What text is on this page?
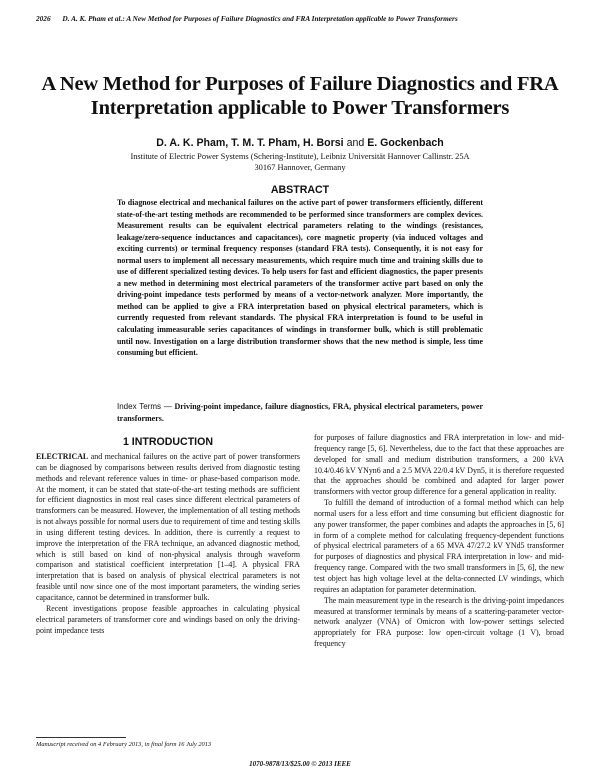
2026 D. A. K. Pham et al.: A New Method for Purposes of Failure Diagnostics and FRA Interpretation applicable to Power Transformers
A New Method for Purposes of Failure Diagnostics and FRA Interpretation applicable to Power Transformers
D. A. K. Pham, T. M. T. Pham, H. Borsi and E. Gockenbach
Institute of Electric Power Systems (Schering-Institute), Leibniz Universität Hannover Callinstr. 25A
30167 Hannover, Germany
ABSTRACT

To diagnose electrical and mechanical failures on the active part of power transformers efficiently, different state-of-the-art testing methods are recommended to be performed since transformers are complex devices. Measurement results can be equivalent electrical parameters relating to the windings (resistances, leakage/zero-sequence inductances and capacitances), core magnetic property (via induced voltages and exciting currents) or terminal frequency responses (standard FRA tests). Consequently, it is not easy for normal users to implement all necessary measurements, which require much time and training skills due to use of different specialized testing devices. To help users for fast and efficient diagnostics, the paper presents a new method in determining most electrical parameters of the transformer active part based on only the driving-point impedance tests performed by means of a vector-network analyzer. More importantly, the method can be applied to give a FRA interpretation based on physical electrical parameters, which is currently requested from relevant standards. The physical FRA interpretation is found to be useful in calculating immeasurable series capacitances of windings in transformer bulk, which is still problematic until now. Investigation on a large distribution transformer shows that the new method is simple, less time consuming but efficient.

Index Terms — Driving-point impedance, failure diagnostics, FRA, physical electrical parameters, power transformers.

1 INTRODUCTION

ELECTRICAL and mechanical failures on the active part of power transformers can be diagnosed by comparisons between results derived from diagnostic testing methods and relevant reference values in time- or phase-based comparison mode. At the moment, it can be stated that state-of-the-art testing methods are sufficient for efficient diagnostics in most real cases since different electrical parameters of transformers can be measured. However, the implementation of all testing methods is not always possible for normal users due to requirement of time and testing skills in using different testing devices. In addition, there is currently a request to improve the interpretation of the FRA technique, an advanced diagnostic method, which is still based on kind of non-physical analysis through waveform comparison and statistical coefficient interpretation [1–4]. A physical FRA interpretation that is based on analysis of physical electrical parameters is not feasible until now since one of the most important parameters, the winding series capacitance, cannot be determined in transformer bulk.

Recent investigations propose feasible approaches in calculating physical electrical parameters of transformer core and windings based on only the driving-point impedance tests

for purposes of failure diagnostics and FRA interpretation in low- and mid-frequency range [5, 6]. Nevertheless, due to the fact that these approaches are developed for small and medium distribution transformers, a 200 kVA 10.4/0.46 kV YNyn6 and a 2.5 MVA 22/0.4 kV Dyn5, it is therefore requested that the approaches should be combined and adapted for larger power transformers with vector group difference for a general application in reality.

To fulfill the demand of introduction of a formal method which can help normal users for a less effort and time consuming but efficient diagnostic for any power transformer, the paper combines and adapts the approaches in [5, 6] in form of a complete method for calculating frequency-dependent functions of physical electrical parameters of a 65 MVA 47/27.2 kV YNd5 transformer for purposes of diagnostics and physical FRA interpretation in low- and mid-frequency range. Compared with the two small transformers in [5, 6], the new test object has high voltage level at the delta-connected LV windings, which requires an adaptation for parameter determination.

The main measurement type in the research is the driving-point impedances measured at transformer terminals by means of a scattering-parameter vector-network analyzer (VNA) of Omicron with low-power settings selected appropriately for FRA purpose: low open-circuit voltage (1 V), broad frequency

Manuscript received on 4 February 2013, in final form 16 July 2013
1070-9878/13/$25.00 © 2013 IEEE
